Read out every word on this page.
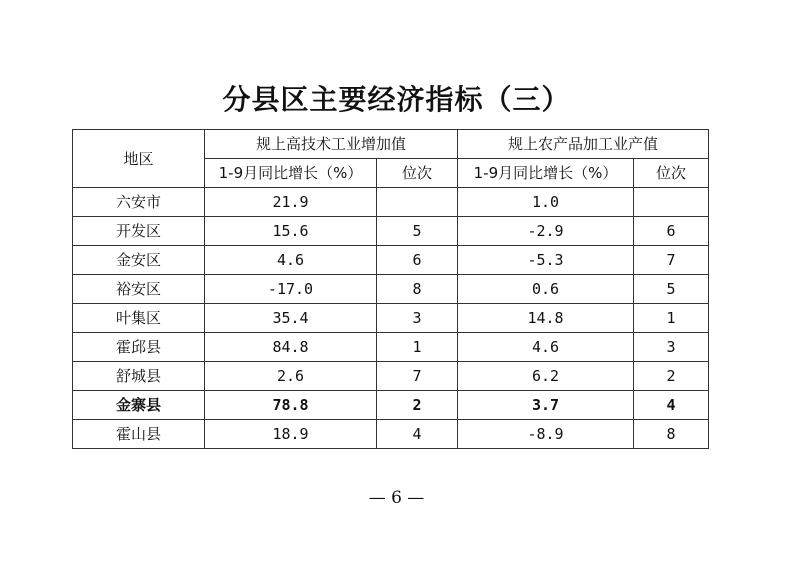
分县区主要经济指标（三）
地区	规上高技术工业增加值		规上农产品加工业产值	
	1-9月同比增长（%）	位次	1-9月同比增长（%）	位次
六安市	21.9		1.0	
开发区	15.6	5	-2.9	6
金安区	4.6	6	-5.3	7
裕安区	-17.0	8	0.6	5
叶集区	35.4	3	14.8	1
霍邱县	84.8	1	4.6	3
舒城县	2.6	7	6.2	2
金寨县	78.8	2	3.7	4
霍山县	18.9	4	-8.9	8
— 6 —
